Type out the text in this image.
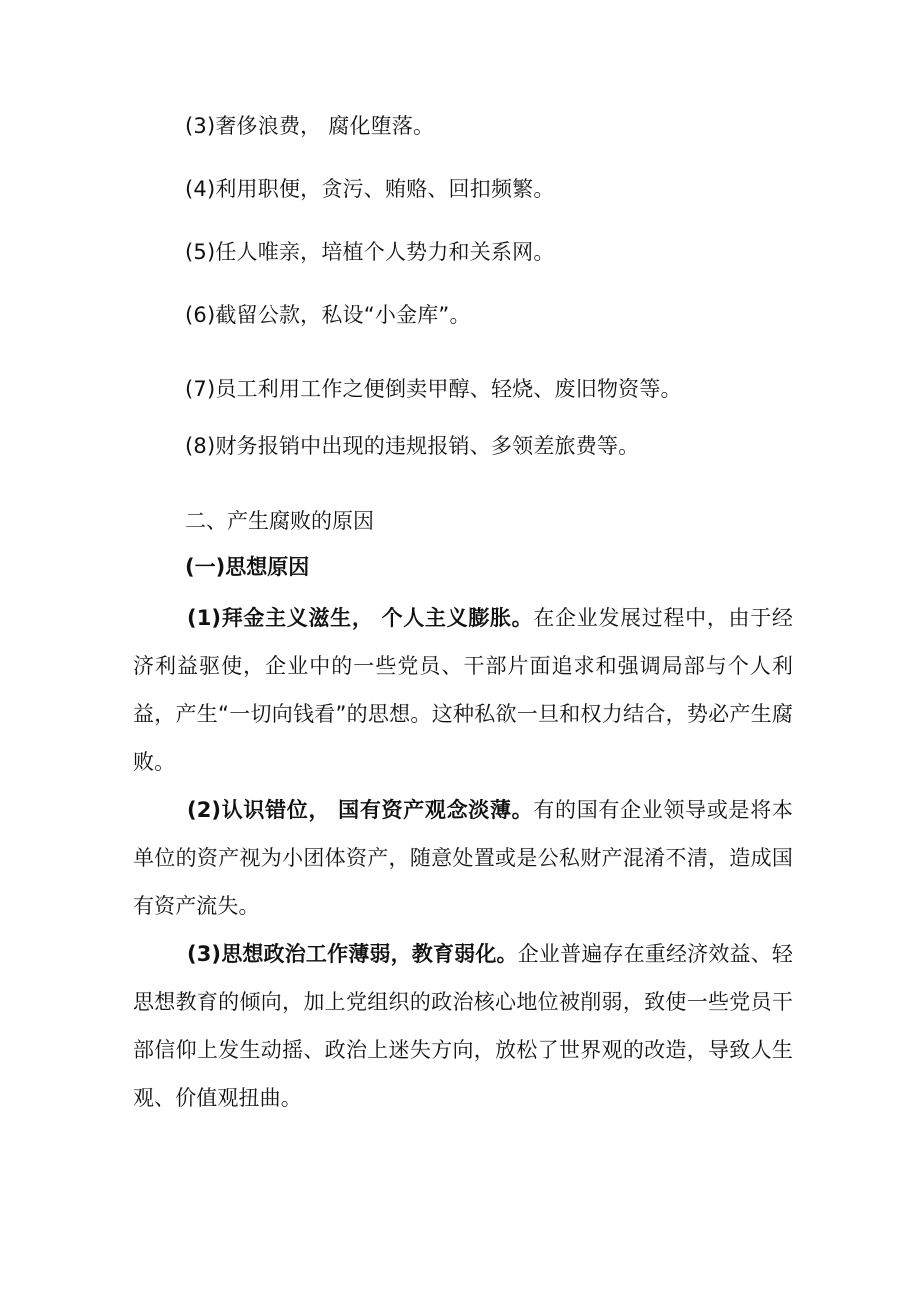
(3)奢侈浪费， 腐化堕落。
(4)利用职便，贪污、贿赂、回扣频繁。
(5)任人唯亲，培植个人势力和关系网。
(6)截留公款，私设“小金库”。
(7)员工利用工作之便倒卖甲醇、轻烧、废旧物资等。
(8)财务报销中出现的违规报销、多领差旅费等。
二、产生腐败的原因
(一)思想原因
(1)拜金主义滋生， 个人主义膨胀。在企业发展过程中，由于经济利益驱使，企业中的一些党员、干部片面追求和强调局部与个人利益，产生“一切向钱看”的思想。这种私欲一旦和权力结合，势必产生腐败。
(2)认识错位， 国有资产观念淡薄。有的国有企业领导或是将本单位的资产视为小团体资产，随意处置或是公私财产混淆不清，造成国有资产流失。
(3)思想政治工作薄弱，教育弱化。企业普遍存在重经济效益、轻思想教育的倾向，加上党组织的政治核心地位被削弱，致使一些党员干部信仰上发生动摇、政治上迷失方向，放松了世界观的改造，导致人生观、价值观扭曲。
